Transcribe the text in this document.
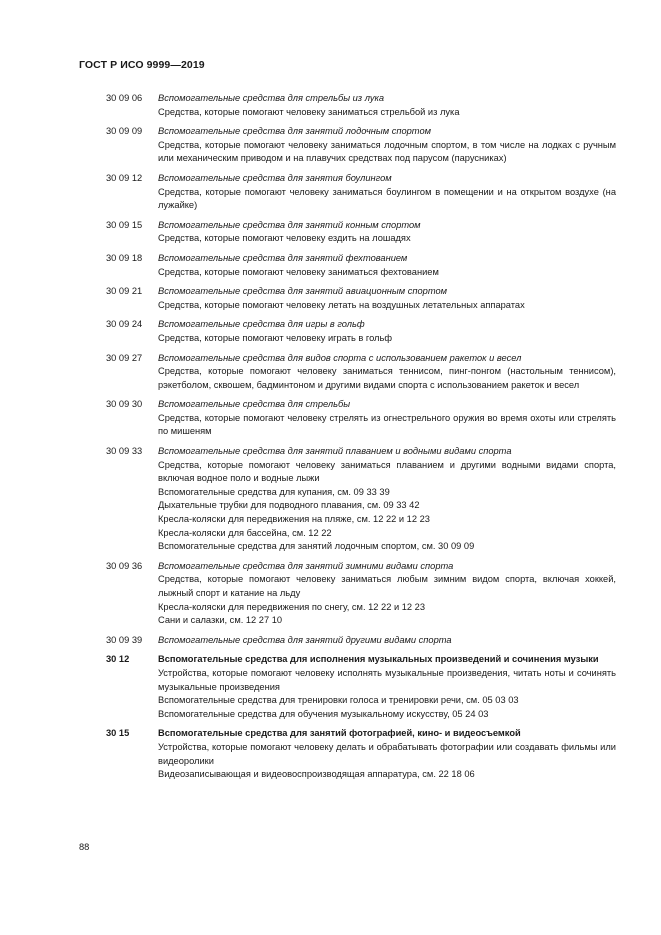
ГОСТ Р ИСО 9999—2019
30 09 06	Вспомогательные средства для стрельбы из лука
Средства, которые помогают человеку заниматься стрельбой из лука
30 09 09	Вспомогательные средства для занятий лодочным спортом
Средства, которые помогают человеку заниматься лодочным спортом, в том числе на лодках с ручным или механическим приводом и на плавучих средствах под парусом (парусниках)
30 09 12	Вспомогательные средства для занятия боулингом
Средства, которые помогают человеку заниматься боулингом в помещении и на открытом воздухе (на лужайке)
30 09 15	Вспомогательные средства для занятий конным спортом
Средства, которые помогают человеку ездить на лошадях
30 09 18	Вспомогательные средства для занятий фехтованием
Средства, которые помогают человеку заниматься фехтованием
30 09 21	Вспомогательные средства для занятий авиационным спортом
Средства, которые помогают человеку летать на воздушных летательных аппаратах
30 09 24	Вспомогательные средства для игры в гольф
Средства, которые помогают человеку играть в гольф
30 09 27	Вспомогательные средства для видов спорта с использованием ракеток и весел
Средства, которые помогают человеку заниматься теннисом, пинг-понгом (настольным теннисом), рэкетболом, сквошем, бадминтоном и другими видами спорта с использованием ракеток и весел
30 09 30	Вспомогательные средства для стрельбы
Средства, которые помогают человеку стрелять из огнестрельного оружия во время охоты или стрелять по мишеням
30 09 33	Вспомогательные средства для занятий плаванием и водными видами спорта
Средства, которые помогают человеку заниматься плаванием и другими водными видами спорта, включая водное поло и водные лыжи
Вспомогательные средства для купания, см. 09 33 39
Дыхательные трубки для подводного плавания, см. 09 33 42
Кресла-коляски для передвижения на пляже, см. 12 22 и 12 23
Кресла-коляски для бассейна, см. 12 22
Вспомогательные средства для занятий лодочным спортом, см. 30 09 09
30 09 36	Вспомогательные средства для занятий зимними видами спорта
Средства, которые помогают человеку заниматься любым зимним видом спорта, включая хоккей, лыжный спорт и катание на льду
Кресла-коляски для передвижения по снегу, см. 12 22 и 12 23
Сани и салазки, см. 12 27 10
30 09 39	Вспомогательные средства для занятий другими видами спорта
30 12	Вспомогательные средства для исполнения музыкальных произведений и сочинения музыки
Устройства, которые помогают человеку исполнять музыкальные произведения, читать ноты и сочинять музыкальные произведения
Вспомогательные средства для тренировки голоса и тренировки речи, см. 05 03 03
Вспомогательные средства для обучения музыкальному искусству, 05 24 03
30 15	Вспомогательные средства для занятий фотографией, кино- и видеосъемкой
Устройства, которые помогают человеку делать и обрабатывать фотографии или создавать фильмы или видеоролики
Видеозаписывающая и видеовоспроизводящая аппаратура, см. 22 18 06
88
